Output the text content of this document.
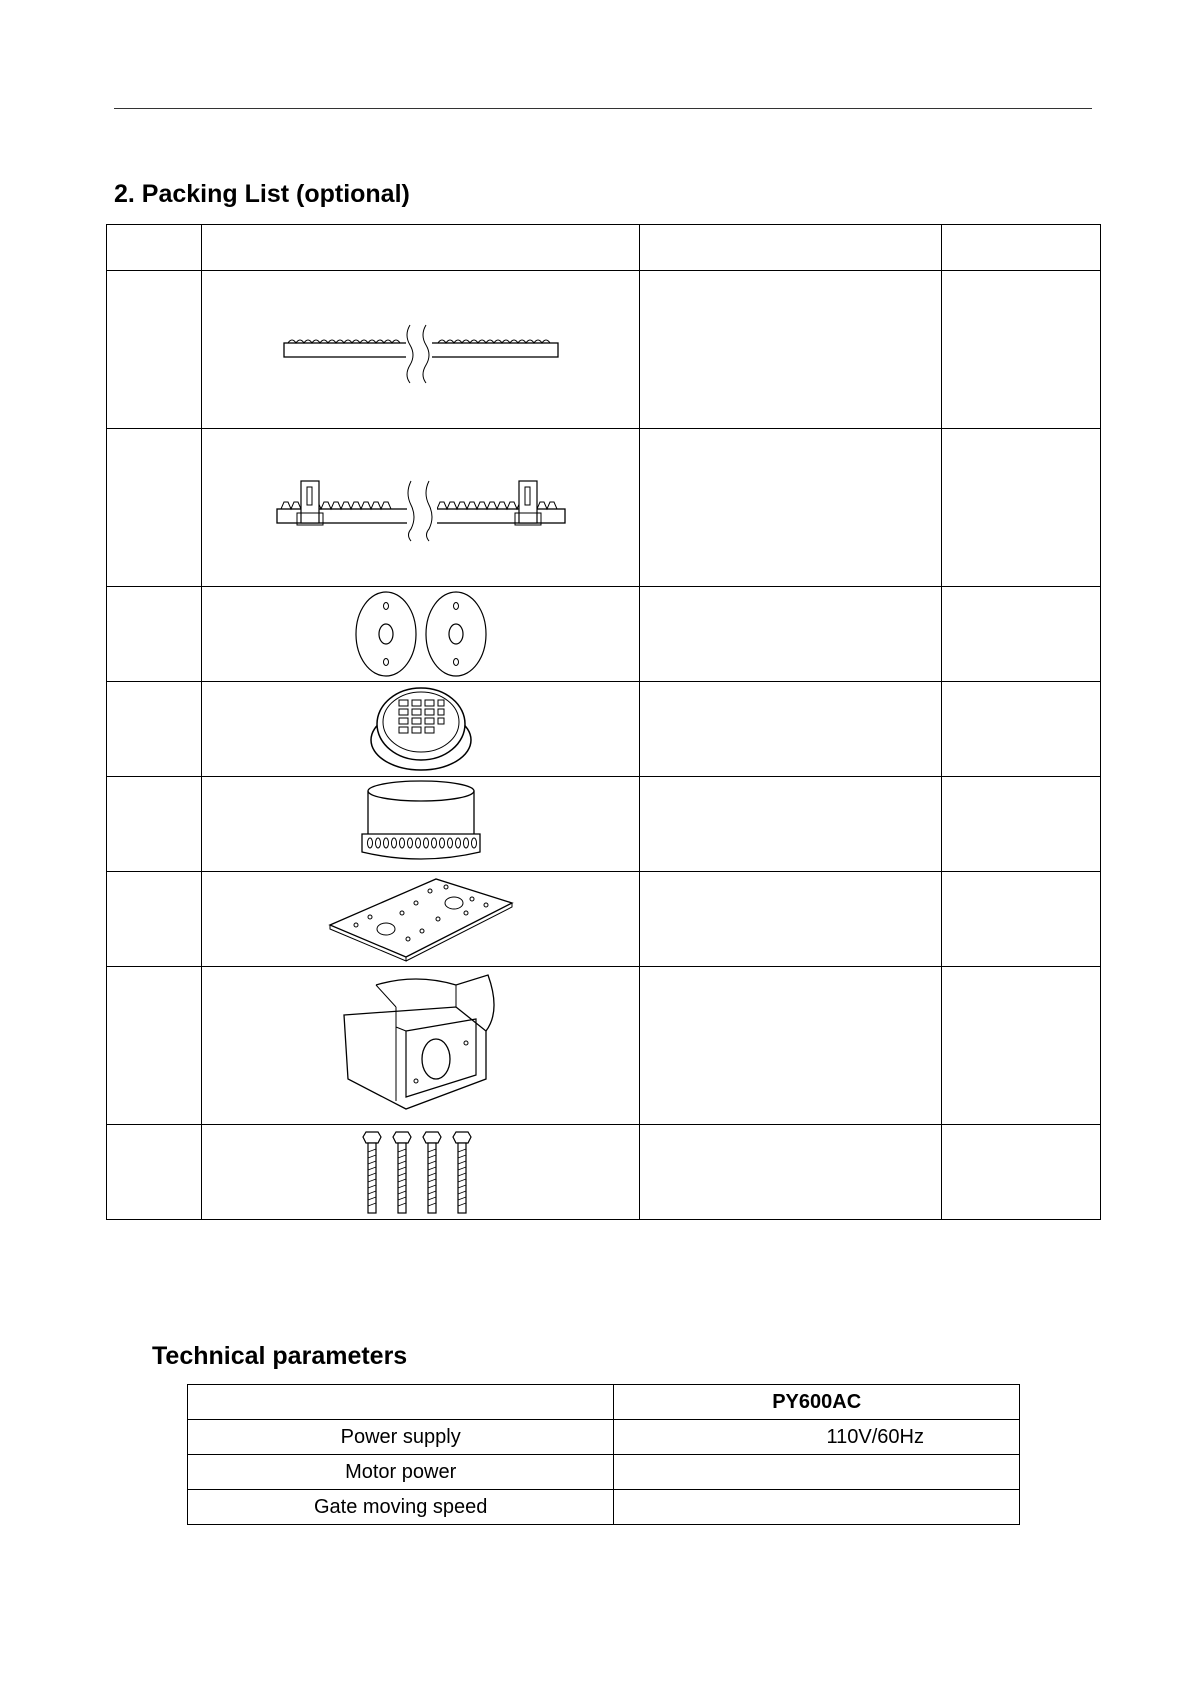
2. Packing List (optional)

Technical parameters
	PY600AC
Power supply	110V/60Hz
Motor power	
Gate moving speed	
